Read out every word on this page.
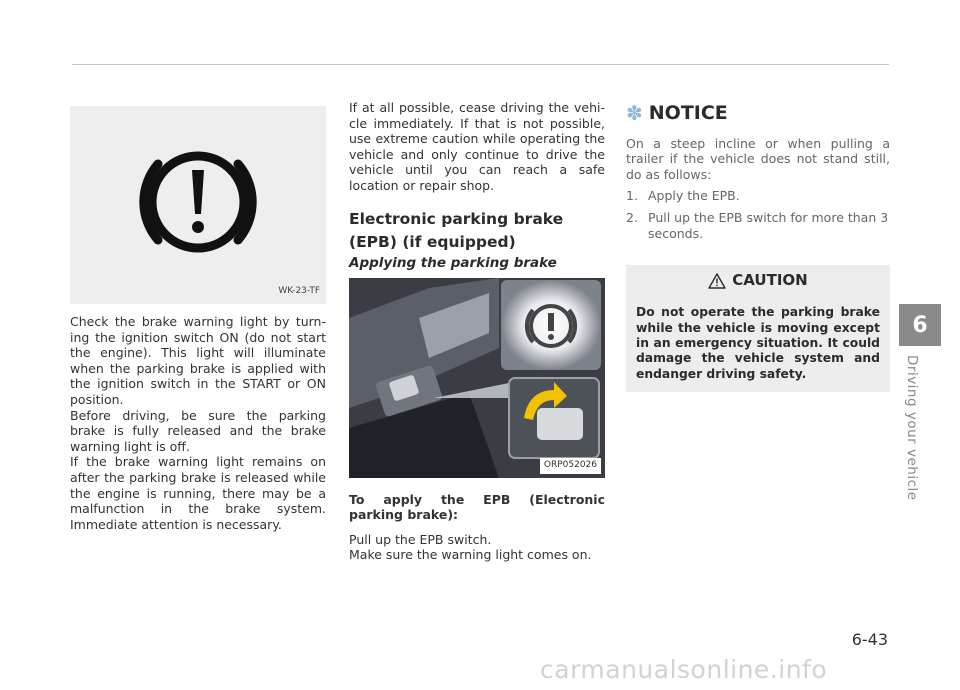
WK-23-TF

Check the brake warning light by turning the ignition switch ON (do not start the engine). This light will illuminate when the parking brake is applied with the ignition switch in the START or ON position.

Before driving, be sure the parking brake is fully released and the brake warning light is off.

If the brake warning light remains on after the parking brake is released while the engine is running, there may be a malfunction in the brake system. Immediate attention is necessary.

If at all possible, cease driving the vehicle immediately. If that is not possible, use extreme caution while operating the vehicle and only continue to drive the vehicle until you can reach a safe location or repair shop.

Electronic parking brake (EPB) (if equipped)
Applying the parking brake
ORP052026

To apply the EPB (Electronic parking brake):

Pull up the EPB switch.

Make sure the warning light comes on.

✽ NOTICE

On a steep incline or when pulling a trailer if the vehicle does not stand still, do as follows:

1. Apply the EPB.
2. Pull up the EPB switch for more than 3 seconds.
CAUTION

Do not operate the parking brake while the vehicle is moving except in an emergency situation. It could damage the vehicle system and endanger driving safety.

6
Driving your vehicle
6-43
carmanualsonline.info
